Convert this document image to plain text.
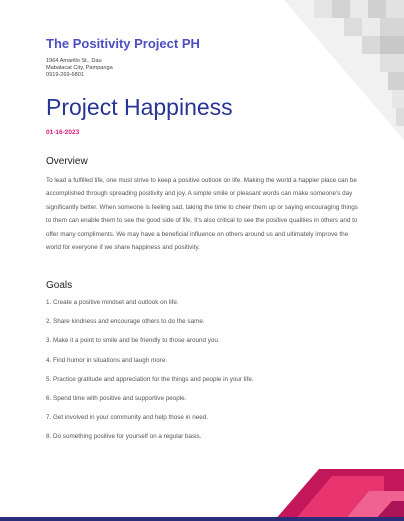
The Positivity Project PH
1964 Amarillo St., Dau
Mabalacat City, Pampanga
0919-269-6801
Project Happiness
01-16-2023
Overview

To lead a fulfilled life, one must strive to keep a positive outlook on life. Making the world a happier place can be accomplished through spreading positivity and joy. A simple smile or pleasant words can make someone's day significantly better. When someone is feeling sad, taking the time to cheer them up or saying encouraging things to them can enable them to see the good side of life. It's also critical to see the positive qualities in others and to offer many compliments. We may have a beneficial influence on others around us and ultimately improve the world for everyone if we share happiness and positivity.

Goals
1. Create a positive mindset and outlook on life.
2. Share kindness and encourage others to do the same.
3. Make it a point to smile and be friendly to those around you.
4. Find humor in situations and laugh more.
5. Practice gratitude and appreciation for the things and people in your life.
6. Spend time with positive and supportive people.
7. Get involved in your community and help those in need.
8. Do something positive for yourself on a regular basis.
